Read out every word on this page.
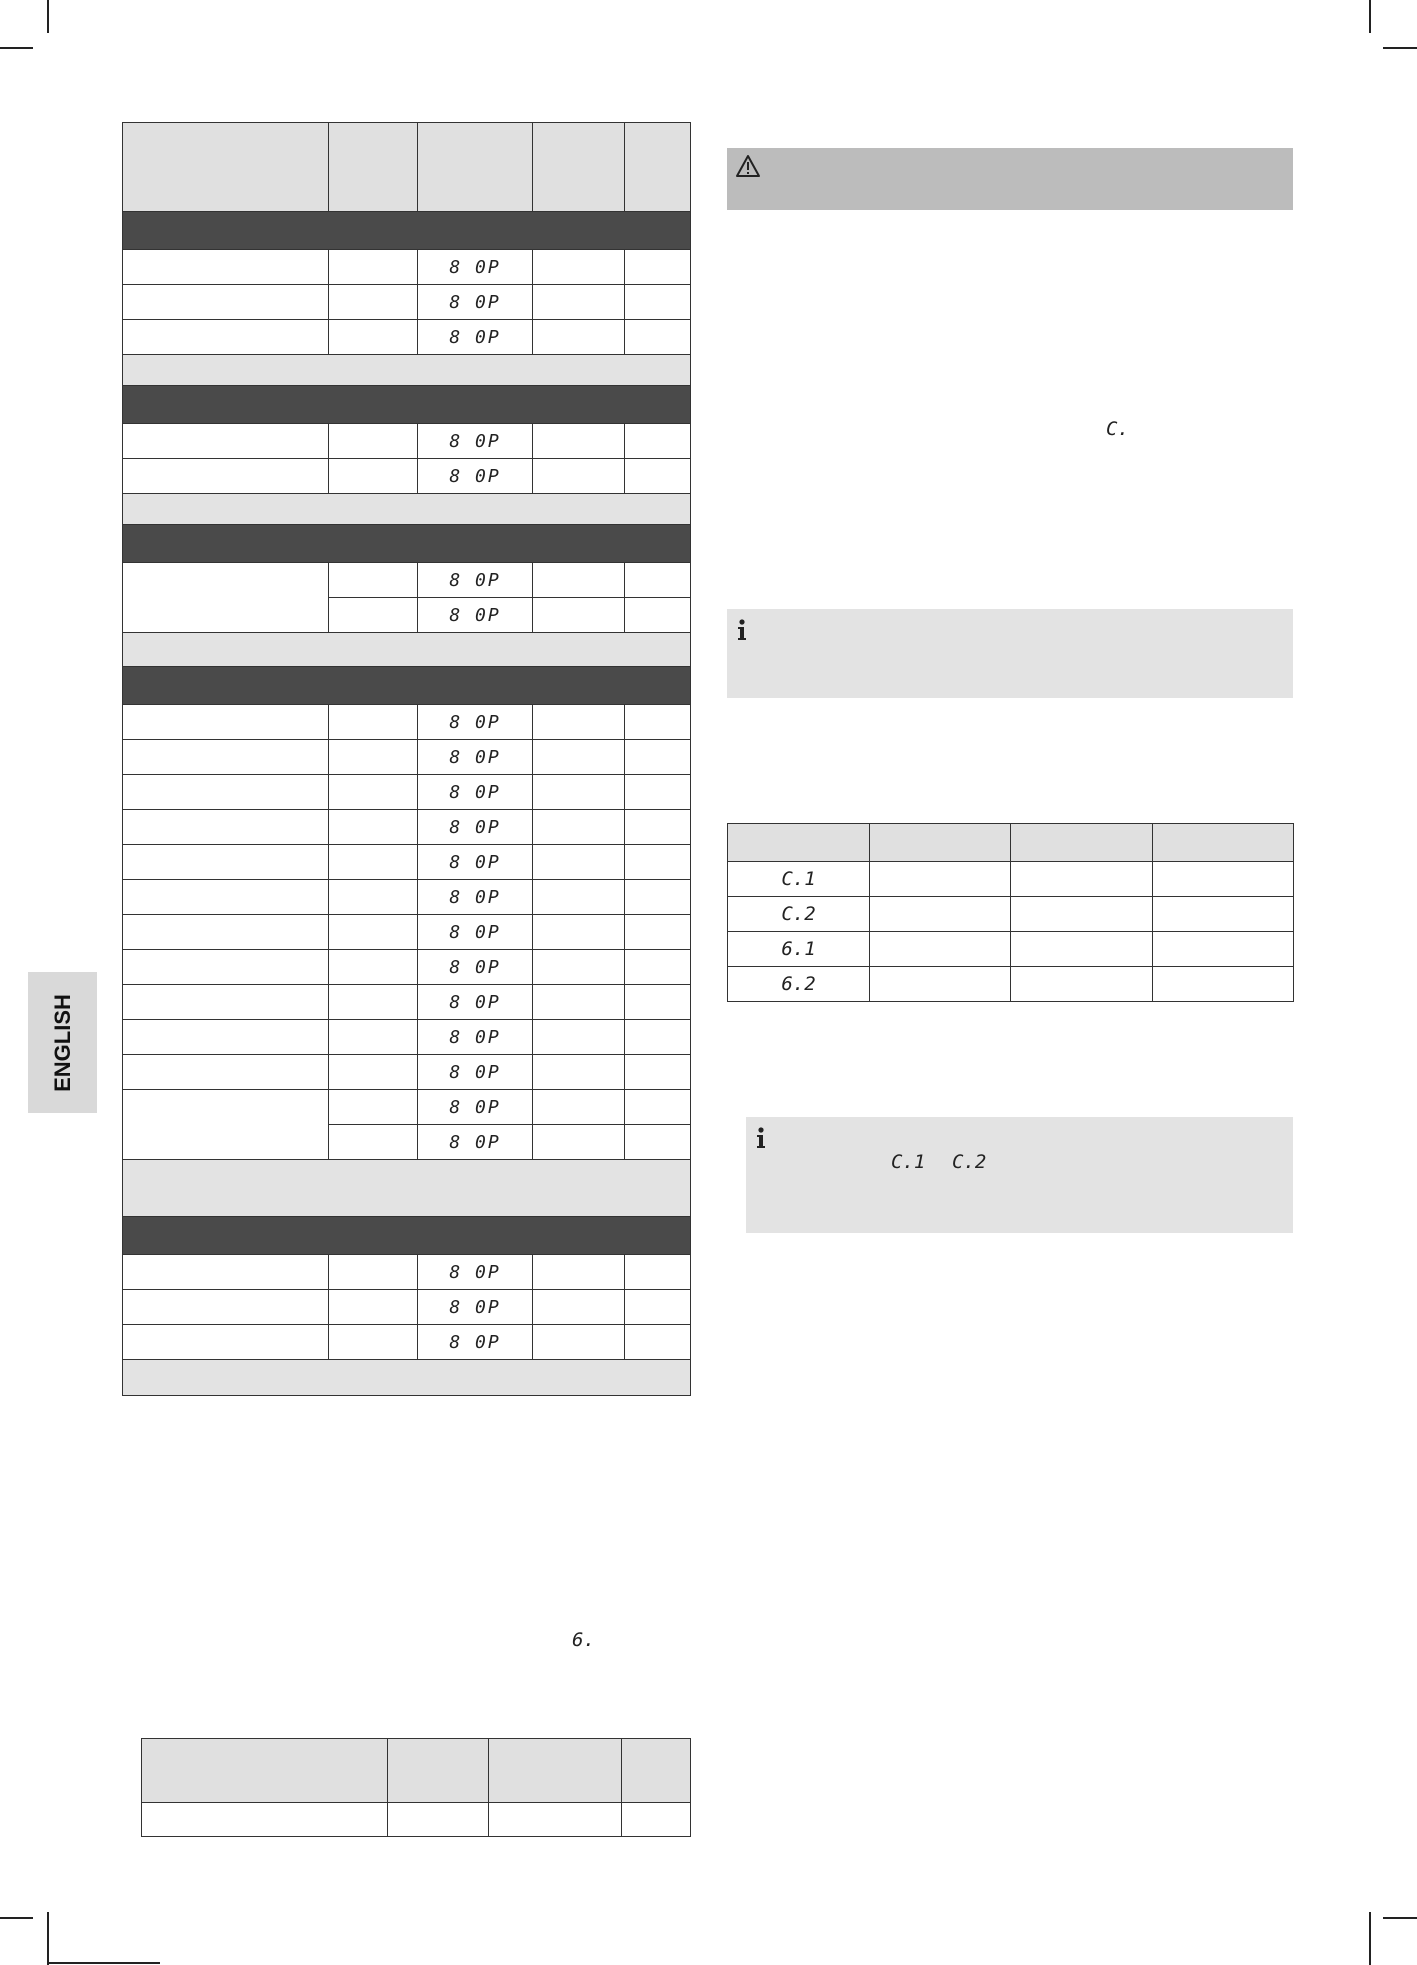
ENGLISH

		8 0P		
		8 0P		
		8 0P		

		8 0P		
		8 0P		

		8 0P		
		8 0P		

		8 0P		
		8 0P		
		8 0P		
		8 0P		
		8 0P		
		8 0P		
		8 0P		
		8 0P		
		8 0P		
		8 0P		
		8 0P		
		8 0P		
		8 0P		

		8 0P		
		8 0P		
		8 0P		

6.

C.

C.1			
C.2			
6.1			
6.2			
C.1 C.2
